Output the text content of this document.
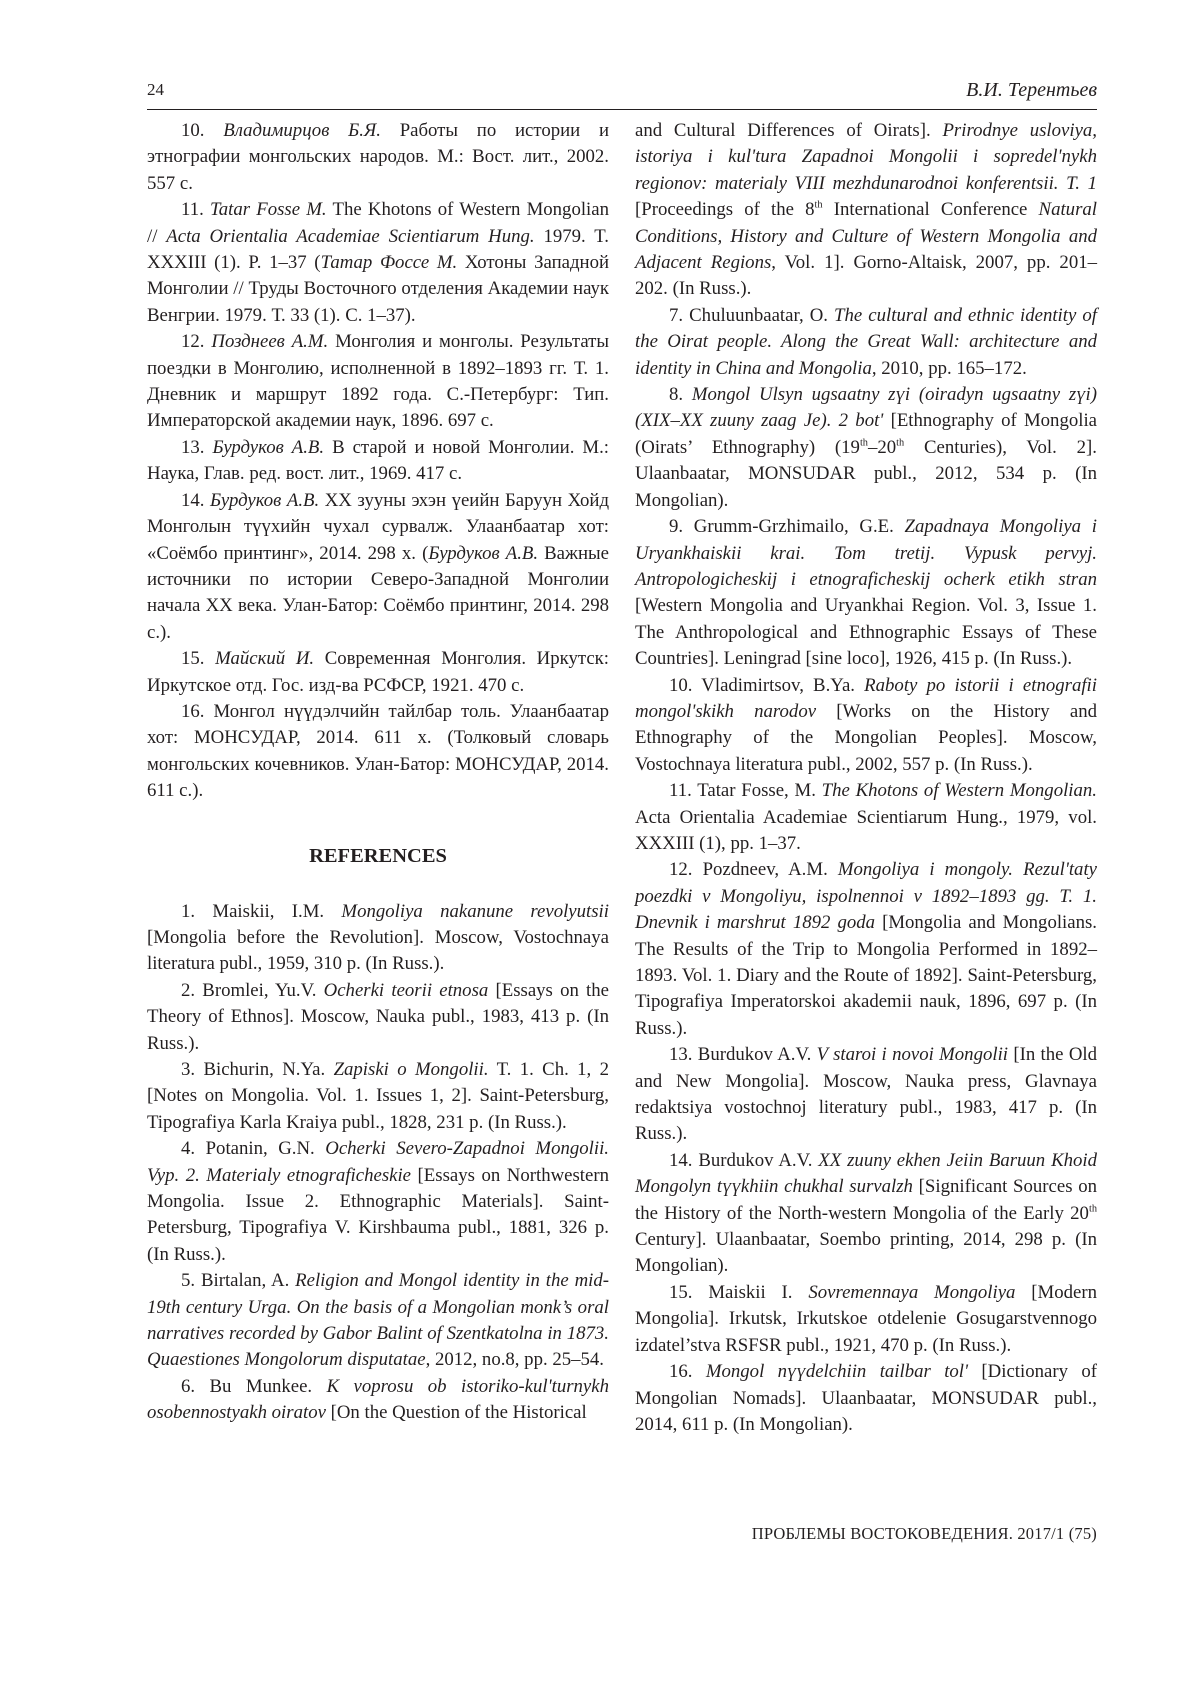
24	В.И. Терентьев

10. Владимирцов Б.Я. Работы по истории и этнографии монгольских народов. М.: Вост. лит., 2002. 557 с.

11. Tatar Fosse M. The Khotons of Western Mongolian // Acta Orientalia Academiae Scientiarum Hung. 1979. T. XXXIII (1). P. 1–37 (Татар Фоссе М. Хотоны Западной Монголии // Труды Восточного отделения Академии наук Венгрии. 1979. Т. 33 (1). С. 1–37).

12. Позднеев А.М. Монголия и монголы. Результаты поездки в Монголию, исполненной в 1892–1893 гг. Т. 1. Дневник и маршрут 1892 года. С.-Петербург: Тип. Императорской академии наук, 1896. 697 с.

13. Бурдуков А.В. В старой и новой Монголии. М.: Наука, Глав. ред. вост. лит., 1969. 417 с.

14. Бурдуков А.В. ХХ зууны эхэн үеийн Баруун Хойд Монголын түүхийн чухал сурвалж. Улаанбаатар хот: «Соёмбо принтинг», 2014. 298 х. (Бурдуков А.В. Важные источники по истории Северо-Западной Монголии начала ХХ века. Улан-Батор: Соёмбо принтинг, 2014. 298 с.).

15. Майский И. Современная Монголия. Иркутск: Иркутское отд. Гос. изд-ва РСФСР, 1921. 470 с.

16. Монгол нүүдэлчийн тайлбар толь. Улаанбаатар хот: МОНСУДАР, 2014. 611 х. (Толковый словарь монгольских кочевников. Улан-Батор: МОНСУДАР, 2014. 611 с.).

REFERENCES

1. Maiskii, I.M. Mongoliya nakanune revolyutsii [Mongolia before the Revolution]. Moscow, Vostochnaya literatura publ., 1959, 310 p. (In Russ.).

2. Bromlei, Yu.V. Ocherki teorii etnosa [Essays on the Theory of Ethnos]. Moscow, Nauka publ., 1983, 413 p. (In Russ.).

3. Bichurin, N.Ya. Zapiski o Mongolii. T. 1. Ch. 1, 2 [Notes on Mongolia. Vol. 1. Issues 1, 2]. Saint-Petersburg, Tipografiya Karla Kraiya publ., 1828, 231 p. (In Russ.).

4. Potanin, G.N. Ocherki Severo-Zapadnoi Mongolii. Vyp. 2. Materialy etnograficheskie [Essays on Northwestern Mongolia. Issue 2. Ethnographic Materials]. Saint-Petersburg, Tipografiya V. Kirshbauma publ., 1881, 326 p. (In Russ.).

5. Birtalan, A. Religion and Mongol identity in the mid-19th century Urga. On the basis of a Mongolian monk’s oral narratives recorded by Gabor Balint of Szentkatolna in 1873. Quaestiones Mongolorum disputatae, 2012, no.8, pp. 25–54.

6. Bu Munkee. K voprosu ob istoriko-kul'turnykh osobennostyakh oiratov [On the Question of the Historical

and Cultural Differences of Oirats]. Prirodnye usloviya, istoriya i kul'tura Zapadnoi Mongolii i sopredel'nykh regionov: materialy VIII mezhdunarodnoi konferentsii. T. 1 [Proceedings of the 8th International Conference Natural Conditions, History and Culture of Western Mongolia and Adjacent Regions, Vol. 1]. Gorno-Altaisk, 2007, pp. 201–202. (In Russ.).

7. Chuluunbaatar, O. The cultural and ethnic identity of the Oirat people. Along the Great Wall: architecture and identity in China and Mongolia, 2010, pp. 165–172.

8. Mongol Ulsyn ugsaatny zүi (oiradyn ugsaatny zүi) (XIX–XX zuuny zaag Je). 2 bot' [Ethnography of Mongolia (Oirats’ Ethnography) (19th–20th Centuries), Vol. 2]. Ulaanbaatar, MONSUDAR publ., 2012, 534 p. (In Mongolian).

9. Grumm-Grzhimailo, G.E. Zapadnaya Mongoliya i Uryankhaiskii krai. Tom tretij. Vypusk pervyj. Antropologicheskij i etnograficheskij ocherk etikh stran [Western Mongolia and Uryankhai Region. Vol. 3, Issue 1. The Anthropological and Ethnographic Essays of These Countries]. Leningrad [sine loco], 1926, 415 p. (In Russ.).

10. Vladimirtsov, B.Ya. Raboty po istorii i etnografii mongol'skikh narodov [Works on the History and Ethnography of the Mongolian Peoples]. Moscow, Vostochnaya literatura publ., 2002, 557 p. (In Russ.).

11. Tatar Fosse, M. The Khotons of Western Mongolian. Acta Orientalia Academiae Scientiarum Hung., 1979, vol. XXXIII (1), pp. 1–37.

12. Pozdneev, A.M. Mongoliya i mongoly. Rezul'taty poezdki v Mongoliyu, ispolnennoi v 1892–1893 gg. T. 1. Dnevnik i marshrut 1892 goda [Mongolia and Mongolians. The Results of the Trip to Mongolia Performed in 1892–1893. Vol. 1. Diary and the Route of 1892]. Saint-Petersburg, Tipografiya Imperatorskoi akademii nauk, 1896, 697 p. (In Russ.).

13. Burdukov A.V. V staroi i novoi Mongolii [In the Old and New Mongolia]. Moscow, Nauka press, Glavnaya redaktsiya vostochnoj literatury publ., 1983, 417 p. (In Russ.).

14. Burdukov A.V. XX zuuny ekhen Jeiin Baruun Khoid Mongolyn tүүkhiin chukhal survalzh [Significant Sources on the History of the North-western Mongolia of the Early 20th Century]. Ulaanbaatar, Soembo printing, 2014, 298 p. (In Mongolian).

15. Maiskii I. Sovremennaya Mongoliya [Modern Mongolia]. Irkutsk, Irkutskoe otdelenie Gosugarstvennogo izdatel’stva RSFSR publ., 1921, 470 p. (In Russ.).

16. Mongol nүүdelchiin tailbar tol' [Dictionary of Mongolian Nomads]. Ulaanbaatar, MONSUDAR publ., 2014, 611 p. (In Mongolian).

ПРОБЛЕМЫ ВОСТОКОВЕДЕНИЯ. 2017/1 (75)
